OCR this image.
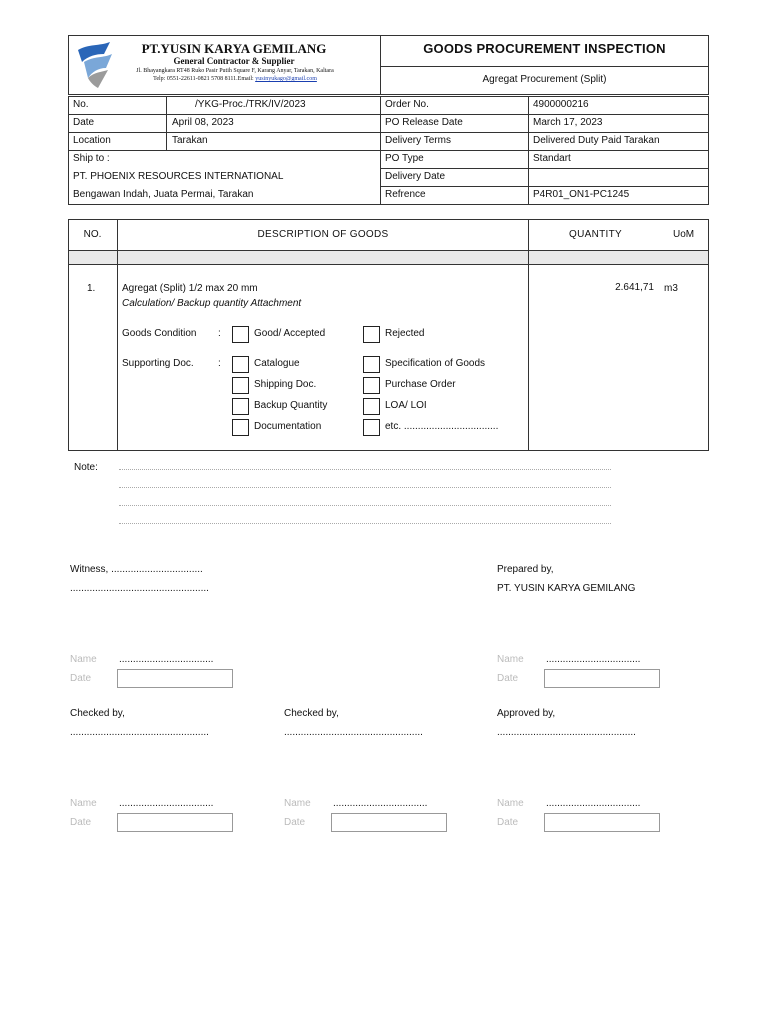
PT.YUSIN KARYA GEMILANG
General Contractor & Supplier
Jl. Bhayangkara RT48 Ruko Pasir Putih Square F, Karang Anyar, Tarakan, Kaltara
Telp: 0551-22611-0821 5708 8111.Email: yusinyukago@gmail.com
GOODS PROCUREMENT INSPECTION
Agregat Procurement (Split)
No.	/YKG-Proc./TRK/IV/2023
Date	April 08, 2023
Location	Tarakan
Ship to :
PT. PHOENIX RESOURCES INTERNATIONAL
Bengawan Indah, Juata Permai, Tarakan
Order No.	4900000216
PO Release Date	March 17, 2023
Delivery Terms	Delivered Duty Paid Tarakan
PO Type	Standart
Delivery Date
Refrence	P4R01_ON1-PC1245
NO.	DESCRIPTION OF GOODS	QUANTITY	UoM
1.	Agregat (Split) 1/2 max 20 mm
Calculation/ Backup quantity Attachment
2.641,71 m3
Goods Condition :	Good/ Accepted	Rejected
Supporting Doc. :	Catalogue	Specification of Goods
Shipping Doc.	Purchase Order
Backup Quantity	LOA/ LOI
Documentation	etc. ..................................
Note:
Witness, .................................
..................................................
Prepared by,
PT. YUSIN KARYA GEMILANG
Name ..................................
Date
Name ..................................
Date
Checked by,
..................................................
Checked by,
..................................................
Approved by,
..................................................
Name ..................................
Date
Name ..................................
Date
Name ..................................
Date
